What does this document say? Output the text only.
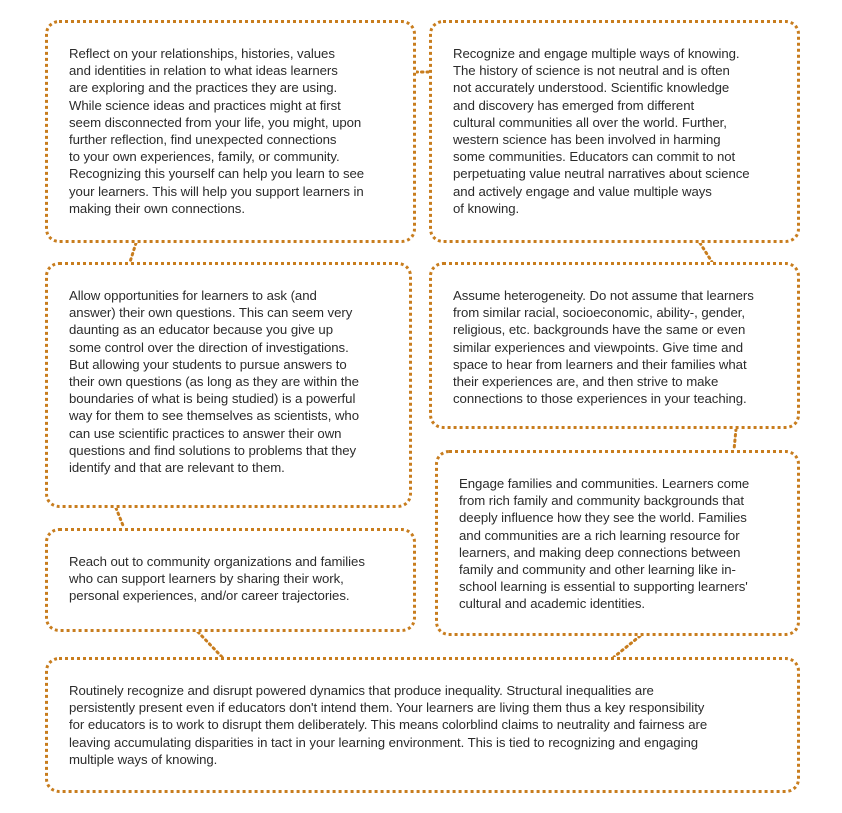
Reflect on your relationships, histories, values
and identities in relation to what ideas learners
are exploring and the practices they are using.
While science ideas and practices might at first
seem disconnected from your life, you might, upon
further reflection, find unexpected connections
to your own experiences, family, or community.
Recognizing this yourself can help you learn to see
your learners. This will help you support learners in
making their own connections.

Recognize and engage multiple ways of knowing.
The history of science is not neutral and is often
not accurately understood. Scientific knowledge
and discovery has emerged from different
cultural communities all over the world. Further,
western science has been involved in harming
some communities. Educators can commit to not
perpetuating value neutral narratives about science
and actively engage and value multiple ways
of knowing.

Allow opportunities for learners to ask (and
answer) their own questions. This can seem very
daunting as an educator because you give up
some control over the direction of investigations.
But allowing your students to pursue answers to
their own questions (as long as they are within the
boundaries of what is being studied) is a powerful
way for them to see themselves as scientists, who
can use scientific practices to answer their own
questions and find solutions to problems that they
identify and that are relevant to them.

Assume heterogeneity. Do not assume that learners
from similar racial, socioeconomic, ability-, gender,
religious, etc. backgrounds have the same or even
similar experiences and viewpoints. Give time and
space to hear from learners and their families what
their experiences are, and then strive to make
connections to those experiences in your teaching.

Engage families and communities. Learners come
from rich family and community backgrounds that
deeply influence how they see the world. Families
and communities are a rich learning resource for
learners, and making deep connections between
family and community and other learning like in-
school learning is essential to supporting learners'
cultural and academic identities.

Reach out to community organizations and families
who can support learners by sharing their work,
personal experiences, and/or career trajectories.

Routinely recognize and disrupt powered dynamics that produce inequality. Structural inequalities are
persistently present even if educators don't intend them. Your learners are living them thus a key responsibility
for educators is to work to disrupt them deliberately. This means colorblind claims to neutrality and fairness are
leaving accumulating disparities in tact in your learning environment. This is tied to recognizing and engaging
multiple ways of knowing.
